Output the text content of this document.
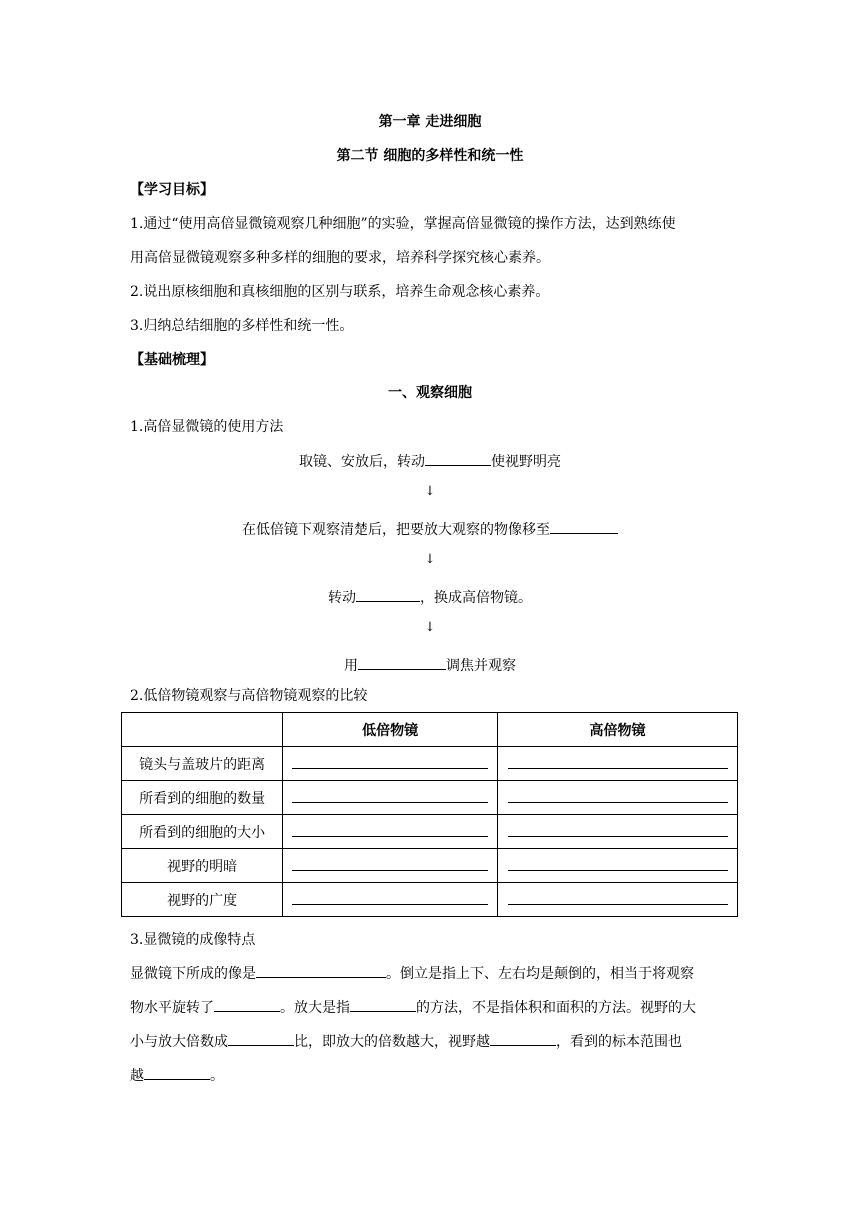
第一章 走进细胞
第二节 细胞的多样性和统一性
【学习目标】
1.通过“使用高倍显微镜观察几种细胞”的实验，掌握高倍显微镜的操作方法，达到熟练使
用高倍显微镜观察多种多样的细胞的要求，培养科学探究核心素养。
2.说出原核细胞和真核细胞的区别与联系，培养生命观念核心素养。
3.归纳总结细胞的多样性和统一性。
【基础梳理】
一、观察细胞
1.高倍显微镜的使用方法
取镜、安放后，转动	使视野明亮
↓
在低倍镜下观察清楚后，把要放大观察的物像移至
↓
转动	，换成高倍物镜。
↓
用	调焦并观察
2.低倍物镜观察与高倍物镜观察的比较
	低倍物镜	高倍物镜
镜头与盖玻片的距离		
所看到的细胞的数量		
所看到的细胞的大小		
视野的明暗		
视野的广度		
3.显微镜的成像特点
显微镜下所成的像是	。倒立是指上下、左右均是颠倒的，相当于将观察
物水平旋转了	。放大是指	的方法，不是指体积和面积的方法。视野的大
小与放大倍数成	比，即放大的倍数越大，视野越	，看到的标本范围也
越	。
